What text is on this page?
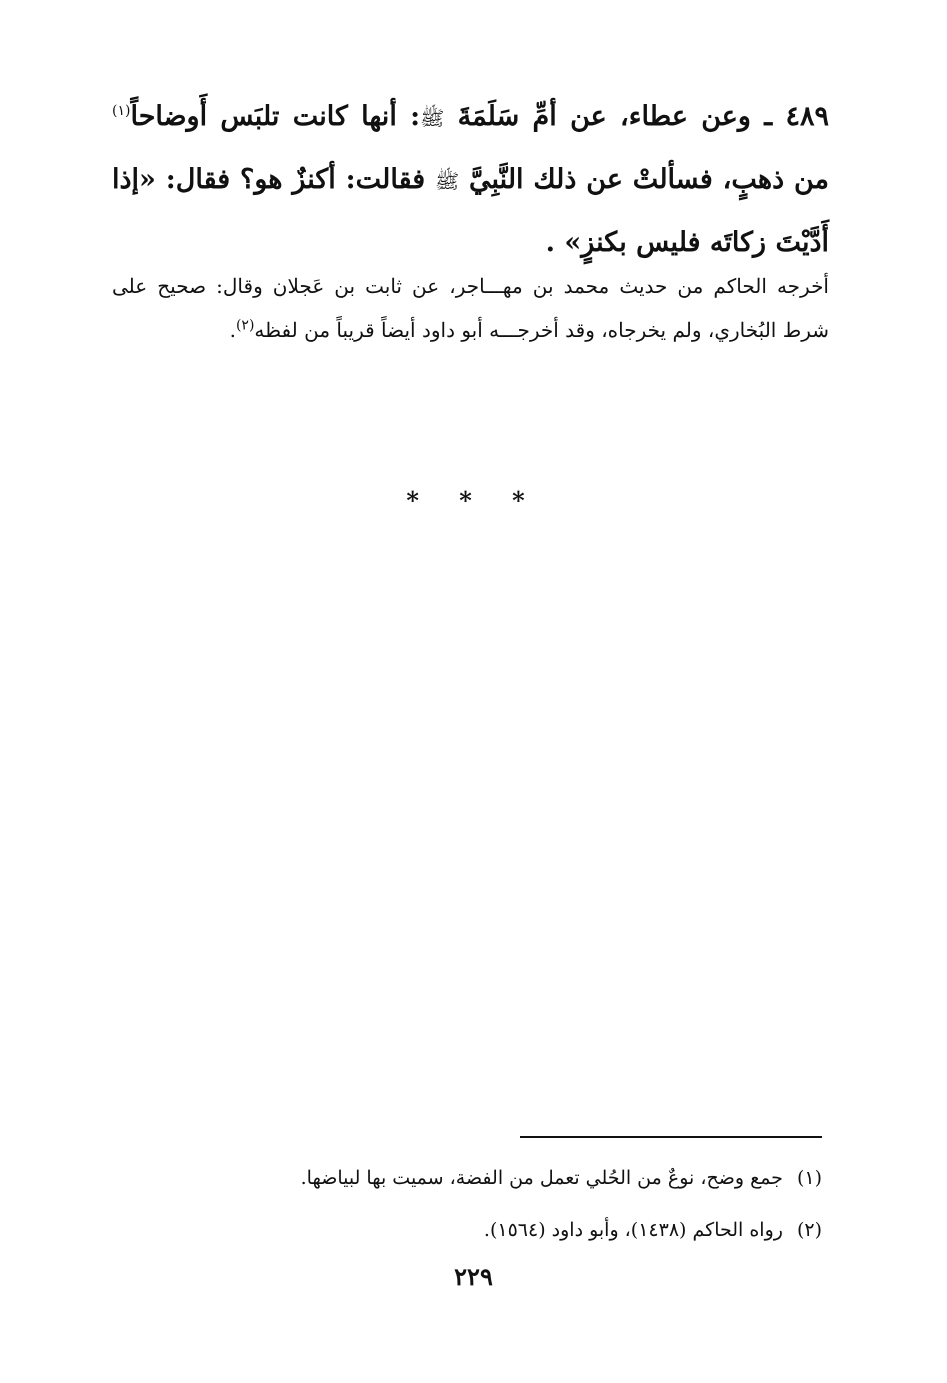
٤٨٩ ـ وعن عطاء، عن أمِّ سَلَمَةَ ﷺ: أنها كانت تلبَس أَوضاحاً$^{(١)}$ من ذهبٍ، فسألتْ عن ذلك النَّبِيَّ ﷺ فقالت: أكنزٌ هو؟ فقال: «إذا أَدَّيْتَ زكاتَه فليس بكنزٍ» .
أخرجه الحاكم من حديث محمد بن مهـــاجر، عن ثابت بن عَجلان وقال: صحيح على شرط البُخاري، ولم يخرجاه، وقد أخرجـــه أبو داود أيضاً قريباً من لفظه$^{(٢)}$.
* * *
(١)جمع وضح، نوعٌ من الحُلي تعمل من الفضة، سميت بها لبياضها.
(٢)رواه الحاكم (١٤٣٨)، وأبو داود (١٥٦٤).
٢٢٩
